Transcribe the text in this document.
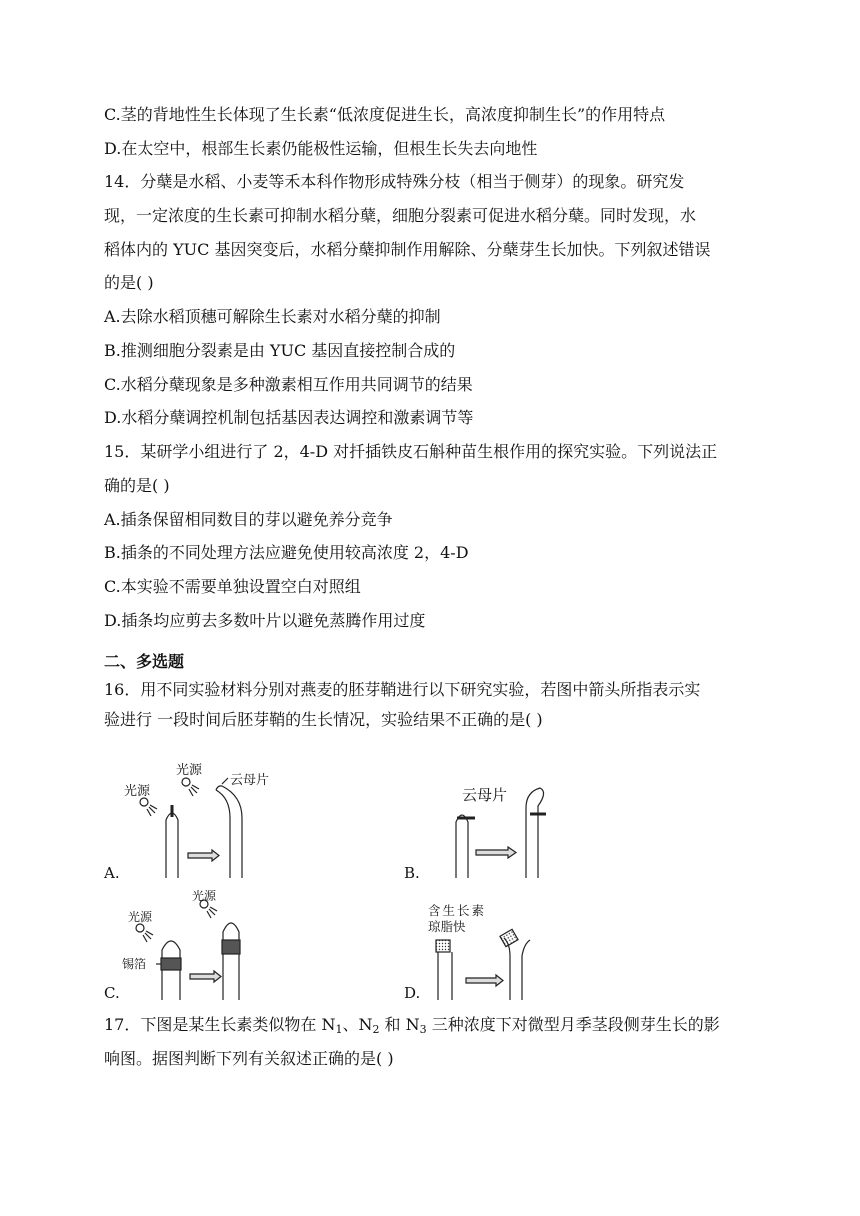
C.茎的背地性生长体现了生长素“低浓度促进生长，高浓度抑制生长”的作用特点
D.在太空中，根部生长素仍能极性运输，但根生长失去向地性
14．分蘖是水稻、小麦等禾本科作物形成特殊分枝（相当于侧芽）的现象。研究发
现，一定浓度的生长素可抑制水稻分蘖，细胞分裂素可促进水稻分蘖。同时发现，水
稻体内的 YUC 基因突变后，水稻分蘖抑制作用解除、分蘖芽生长加快。下列叙述错误
的是( )
A.去除水稻顶穗可解除生长素对水稻分蘖的抑制
B.推测细胞分裂素是由 YUC 基因直接控制合成的
C.水稻分蘖现象是多种激素相互作用共同调节的结果
D.水稻分蘖调控机制包括基因表达调控和激素调节等
15．某研学小组进行了 2，4-D 对扦插铁皮石斛种苗生根作用的探究实验。下列说法正
确的是( )
A.插条保留相同数目的芽以避免养分竞争
B.插条的不同处理方法应避免使用较高浓度 2，4-D
C.本实验不需要单独设置空白对照组
D.插条均应剪去多数叶片以避免蒸腾作用过度
二、多选题
16．用不同实验材料分别对燕麦的胚芽鞘进行以下研究实验，若图中箭头所指表示实
验进行 一段时间后胚芽鞘的生长情况，实验结果不正确的是( )
A.
光源
光源
云母片
B.
云母片
C.
光源
光源
锡箔
D.
含生长素
琼脂快
17．下图是某生长素类似物在 $N_1$、$N_2$ 和 $N_3$ 三种浓度下对微型月季茎段侧芽生长的影
响图。据图判断下列有关叙述正确的是( )
